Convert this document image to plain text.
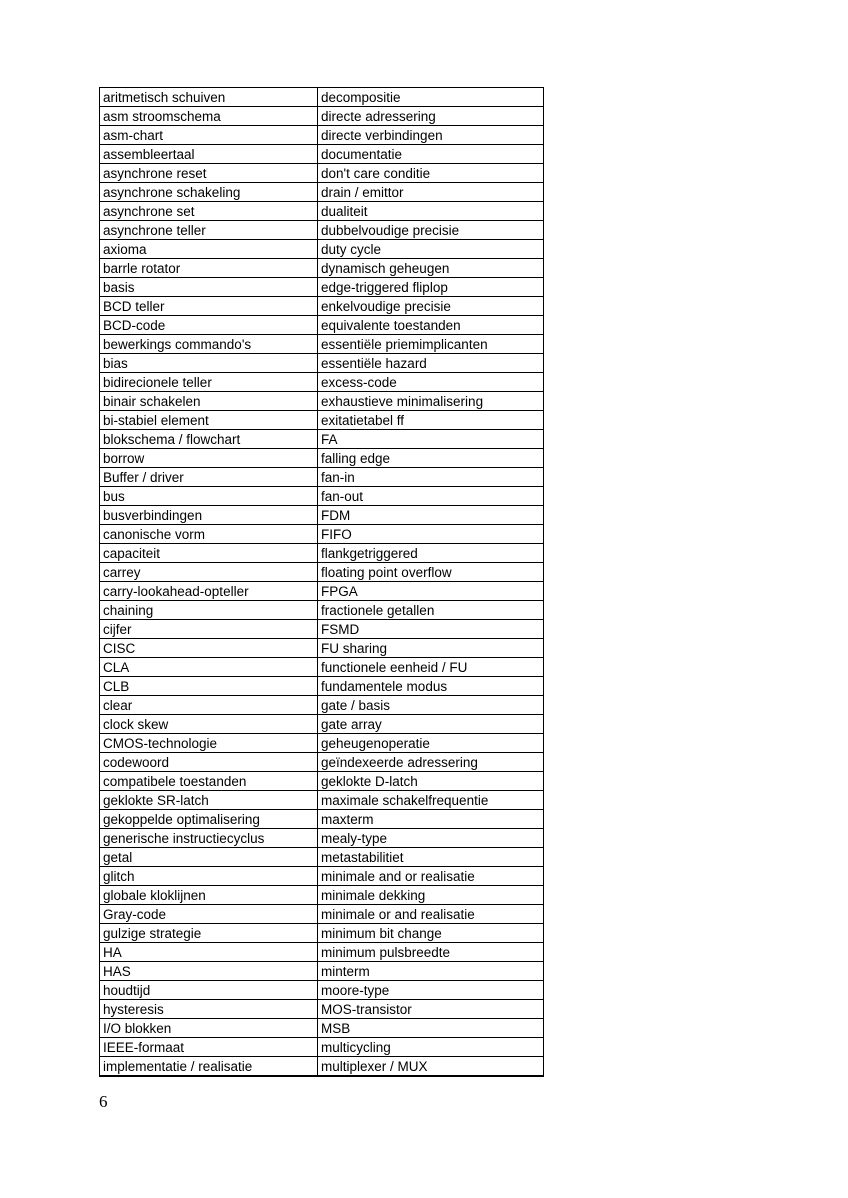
aritmetisch schuiven	decompositie
asm stroomschema	directe adressering
asm-chart	directe verbindingen
assembleertaal	documentatie
asynchrone reset	don't care conditie
asynchrone schakeling	drain / emittor
asynchrone set	dualiteit
asynchrone teller	dubbelvoudige precisie
axioma	duty cycle
barrle rotator	dynamisch geheugen
basis	edge-triggered fliplop
BCD teller	enkelvoudige precisie
BCD-code	equivalente toestanden
bewerkings commando's	essentiële priemimplicanten
bias	essentiële hazard
bidirecionele teller	excess-code
binair schakelen	exhaustieve minimalisering
bi-stabiel element	exitatietabel ff
blokschema / flowchart	FA
borrow	falling edge
Buffer / driver	fan-in
bus	fan-out
busverbindingen	FDM
canonische vorm	FIFO
capaciteit	flankgetriggered
carrey	floating point overflow
carry-lookahead-opteller	FPGA
chaining	fractionele getallen
cijfer	FSMD
CISC	FU sharing
CLA	functionele eenheid / FU
CLB	fundamentele modus
clear	gate / basis
clock skew	gate array
CMOS-technologie	geheugenoperatie
codewoord	geïndexeerde adressering
compatibele toestanden	geklokte D-latch
geklokte SR-latch	maximale schakelfrequentie
gekoppelde optimalisering	maxterm
generische instructiecyclus	mealy-type
getal	metastabilitiet
glitch	minimale and or realisatie
globale kloklijnen	minimale dekking
Gray-code	minimale or and realisatie
gulzige strategie	minimum bit change
HA	minimum pulsbreedte
HAS	minterm
houdtijd	moore-type
hysteresis	MOS-transistor
I/O blokken	MSB
IEEE-formaat	multicycling
implementatie / realisatie	multiplexer / MUX
6
